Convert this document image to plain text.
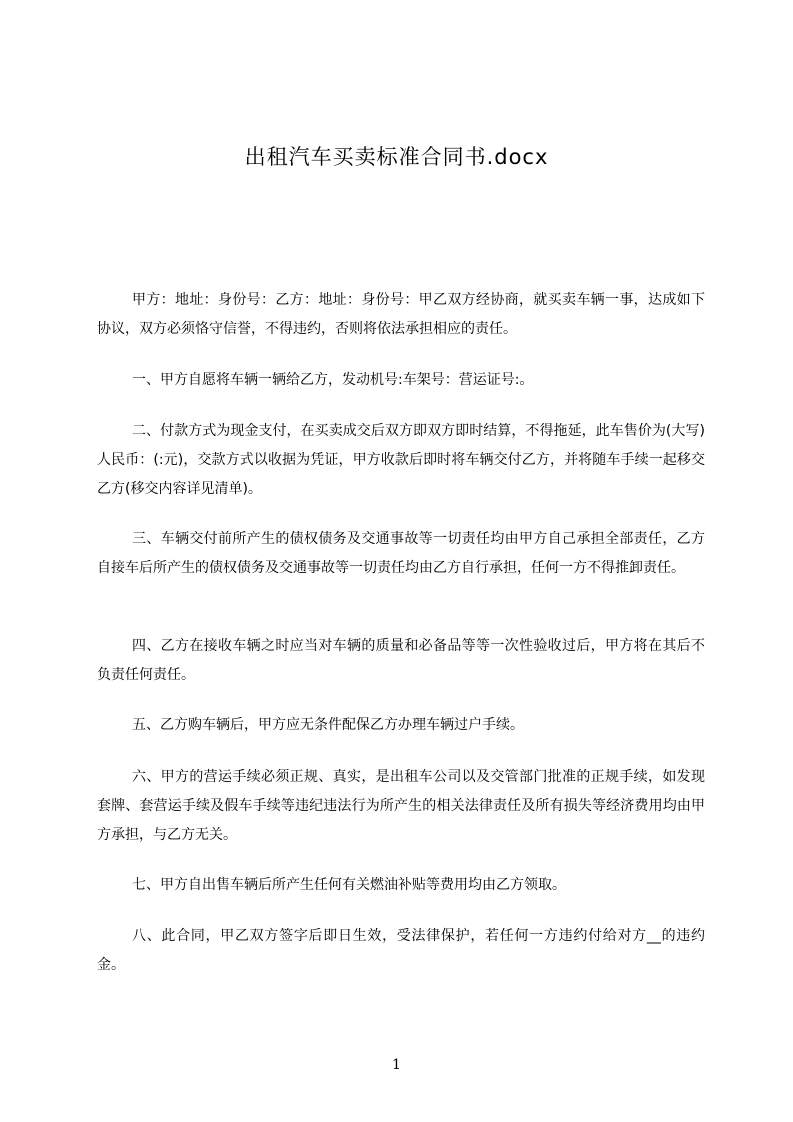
出租汽车买卖标准合同书.docx

甲方：地址：身份号：乙方：地址：身份号：甲乙双方经协商，就买卖车辆一事，达成如下协议，双方必须恪守信誉，不得违约，否则将依法承担相应的责任。

一、甲方自愿将车辆一辆给乙方，发动机号:车架号：营运证号:。

二、付款方式为现金支付，在买卖成交后双方即双方即时结算，不得拖延，此车售价为(大写)人民币：(:元)，交款方式以收据为凭证，甲方收款后即时将车辆交付乙方，并将随车手续一起移交乙方(移交内容详见清单)。

三、车辆交付前所产生的债权债务及交通事故等一切责任均由甲方自己承担全部责任，乙方自接车后所产生的债权债务及交通事故等一切责任均由乙方自行承担，任何一方不得推卸责任。

四、乙方在接收车辆之时应当对车辆的质量和必备品等等一次性验收过后，甲方将在其后不负责任何责任。

五、乙方购车辆后，甲方应无条件配保乙方办理车辆过户手续。

六、甲方的营运手续必须正规、真实，是出租车公司以及交管部门批准的正规手续，如发现套牌、套营运手续及假车手续等违纪违法行为所产生的相关法律责任及所有损失等经济费用均由甲方承担，与乙方无关。

七、甲方自出售车辆后所产生任何有关燃油补贴等费用均由乙方领取。

八、此合同，甲乙双方签字后即日生效，受法律保护，若任何一方违约付给对方__的违约金。

1
